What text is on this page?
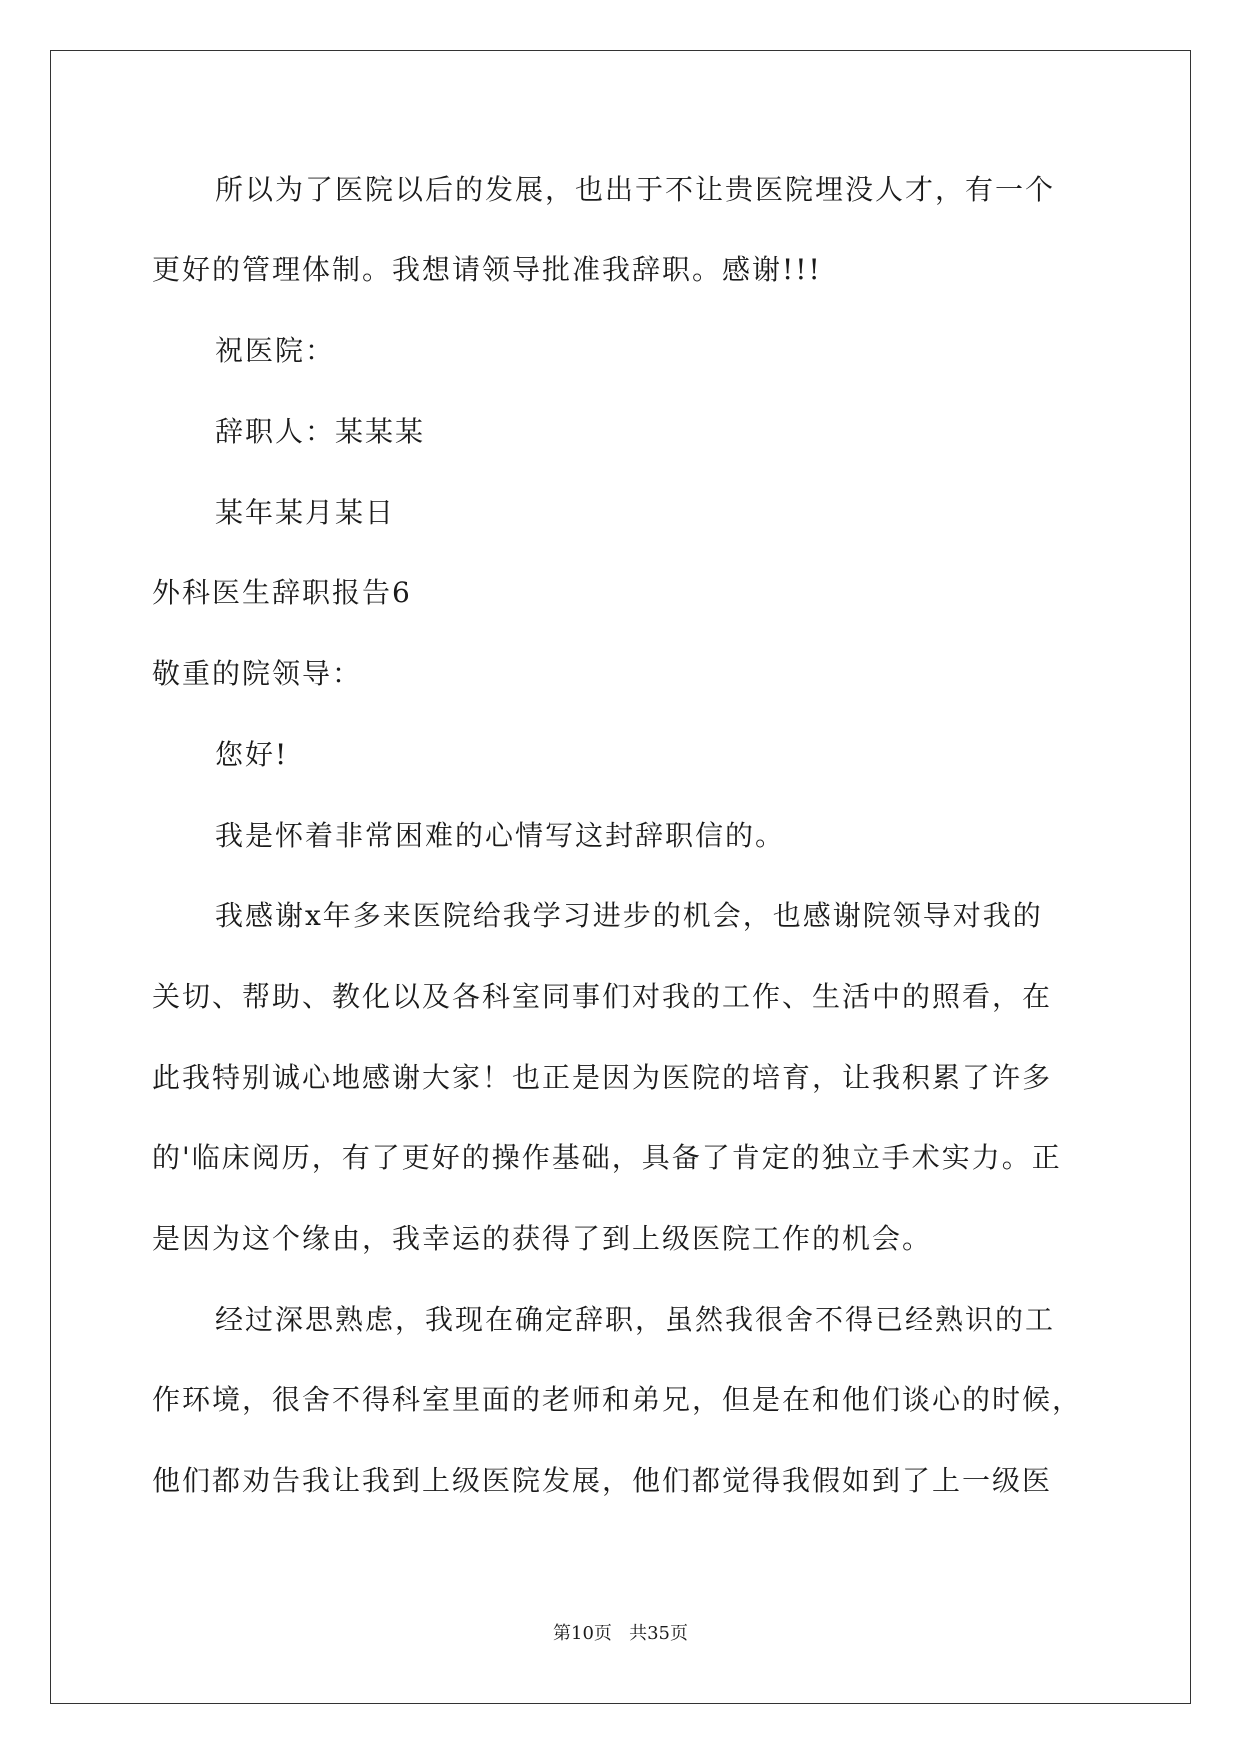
所以为了医院以后的发展，也出于不让贵医院埋没人才，有一个
更好的管理体制。我想请领导批准我辞职。感谢!!!
祝医院：
辞职人：某某某
某年某月某日
外科医生辞职报告6
敬重的院领导：
您好!
我是怀着非常困难的心情写这封辞职信的。
我感谢x年多来医院给我学习进步的机会，也感谢院领导对我的
关切、帮助、教化以及各科室同事们对我的工作、生活中的照看，在
此我特别诚心地感谢大家！也正是因为医院的培育，让我积累了许多
的'临床阅历，有了更好的操作基础，具备了肯定的独立手术实力。正
是因为这个缘由，我幸运的获得了到上级医院工作的机会。
经过深思熟虑，我现在确定辞职，虽然我很舍不得已经熟识的工
作环境，很舍不得科室里面的老师和弟兄，但是在和他们谈心的时候，
他们都劝告我让我到上级医院发展，他们都觉得我假如到了上一级医
第10页 共35页
